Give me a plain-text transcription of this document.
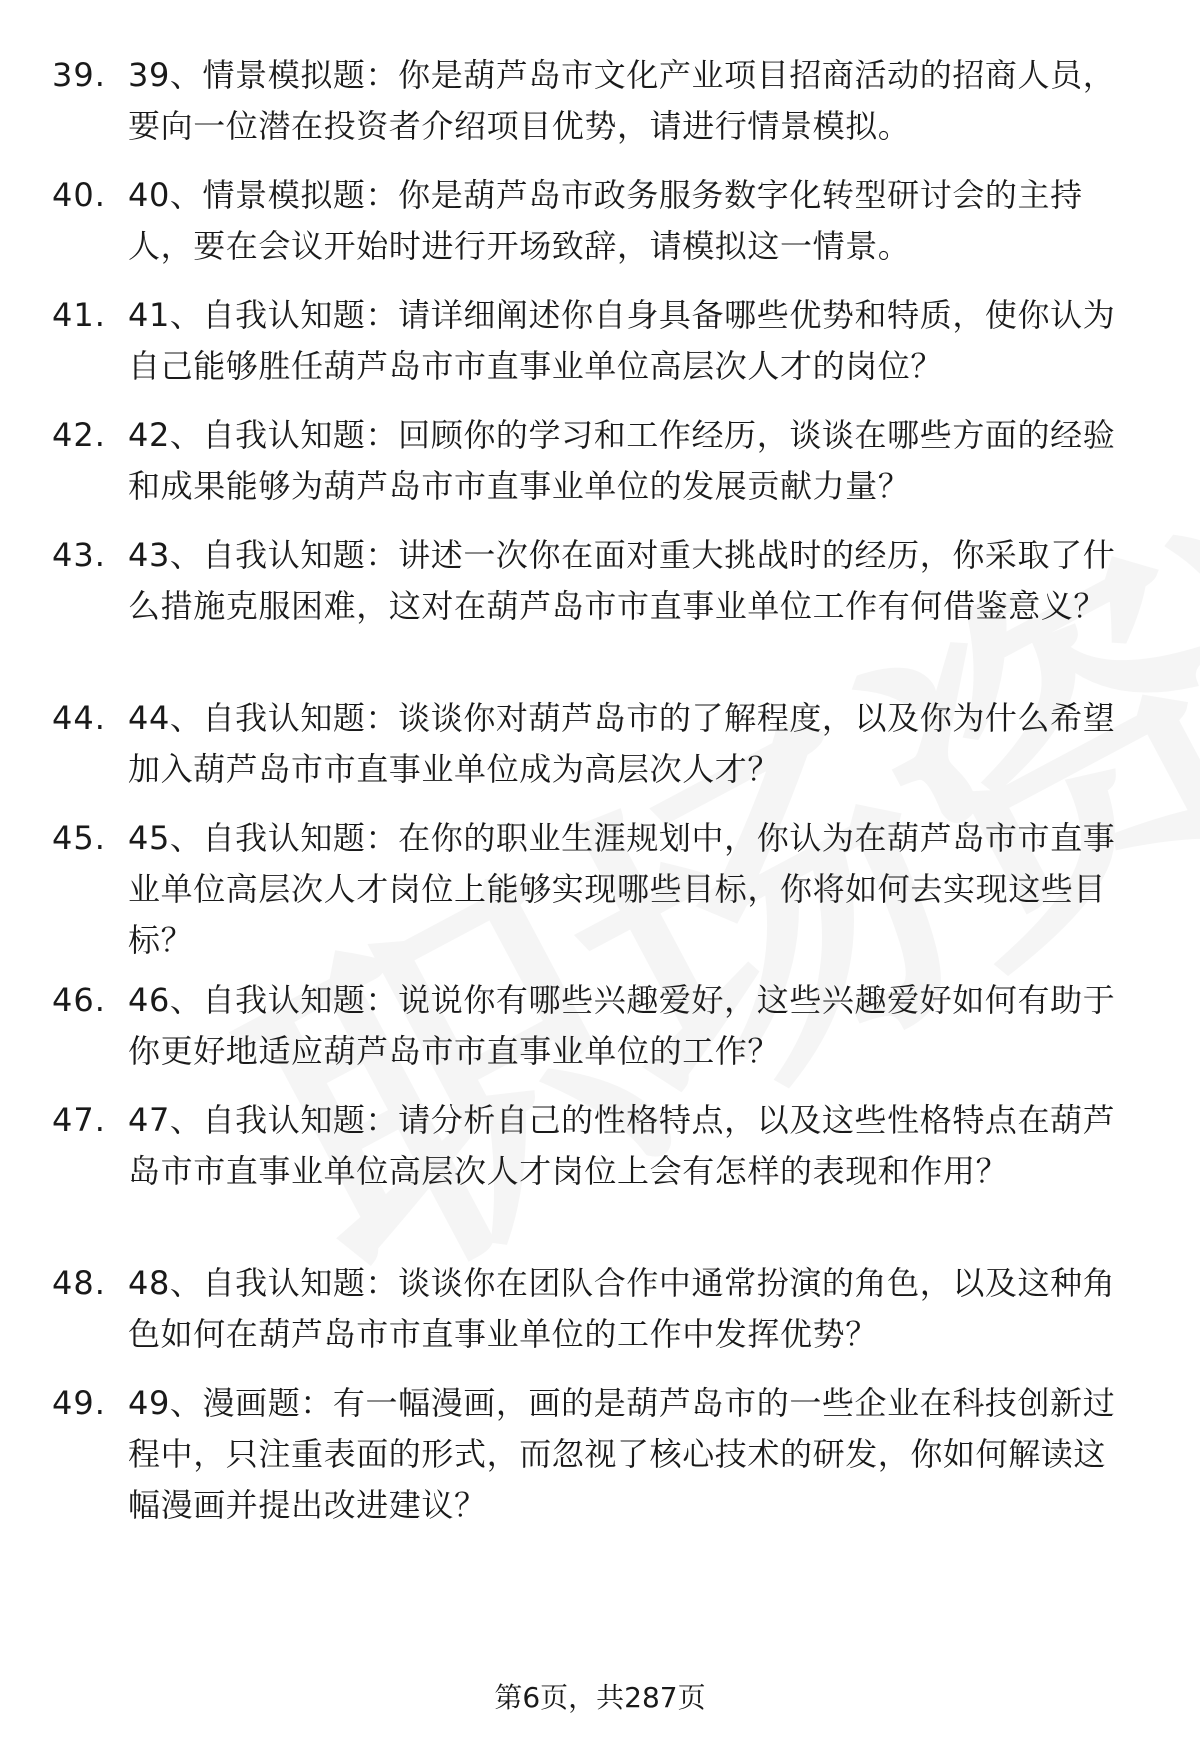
39. 39、情景模拟题：你是葫芦岛市文化产业项目招商活动的招商人员，要向一位潜在投资者介绍项目优势，请进行情景模拟。
40. 40、情景模拟题：你是葫芦岛市政务服务数字化转型研讨会的主持人，要在会议开始时进行开场致辞，请模拟这一情景。
41. 41、自我认知题：请详细阐述你自身具备哪些优势和特质，使你认为自己能够胜任葫芦岛市市直事业单位高层次人才的岗位？
42. 42、自我认知题：回顾你的学习和工作经历，谈谈在哪些方面的经验和成果能够为葫芦岛市市直事业单位的发展贡献力量？
43. 43、自我认知题：讲述一次你在面对重大挑战时的经历，你采取了什么措施克服困难，这对在葫芦岛市市直事业单位工作有何借鉴意义？
44. 44、自我认知题：谈谈你对葫芦岛市的了解程度，以及你为什么希望加入葫芦岛市市直事业单位成为高层次人才？
45. 45、自我认知题：在你的职业生涯规划中，你认为在葫芦岛市市直事业单位高层次人才岗位上能够实现哪些目标，你将如何去实现这些目标？
46. 46、自我认知题：说说你有哪些兴趣爱好，这些兴趣爱好如何有助于你更好地适应葫芦岛市市直事业单位的工作？
47. 47、自我认知题：请分析自己的性格特点，以及这些性格特点在葫芦岛市市直事业单位高层次人才岗位上会有怎样的表现和作用？
48. 48、自我认知题：谈谈你在团队合作中通常扮演的角色，以及这种角色如何在葫芦岛市市直事业单位的工作中发挥优势？
49. 49、漫画题：有一幅漫画，画的是葫芦岛市的一些企业在科技创新过程中，只注重表面的形式，而忽视了核心技术的研发，你如何解读这幅漫画并提出改进建议？
第6页，共287页
